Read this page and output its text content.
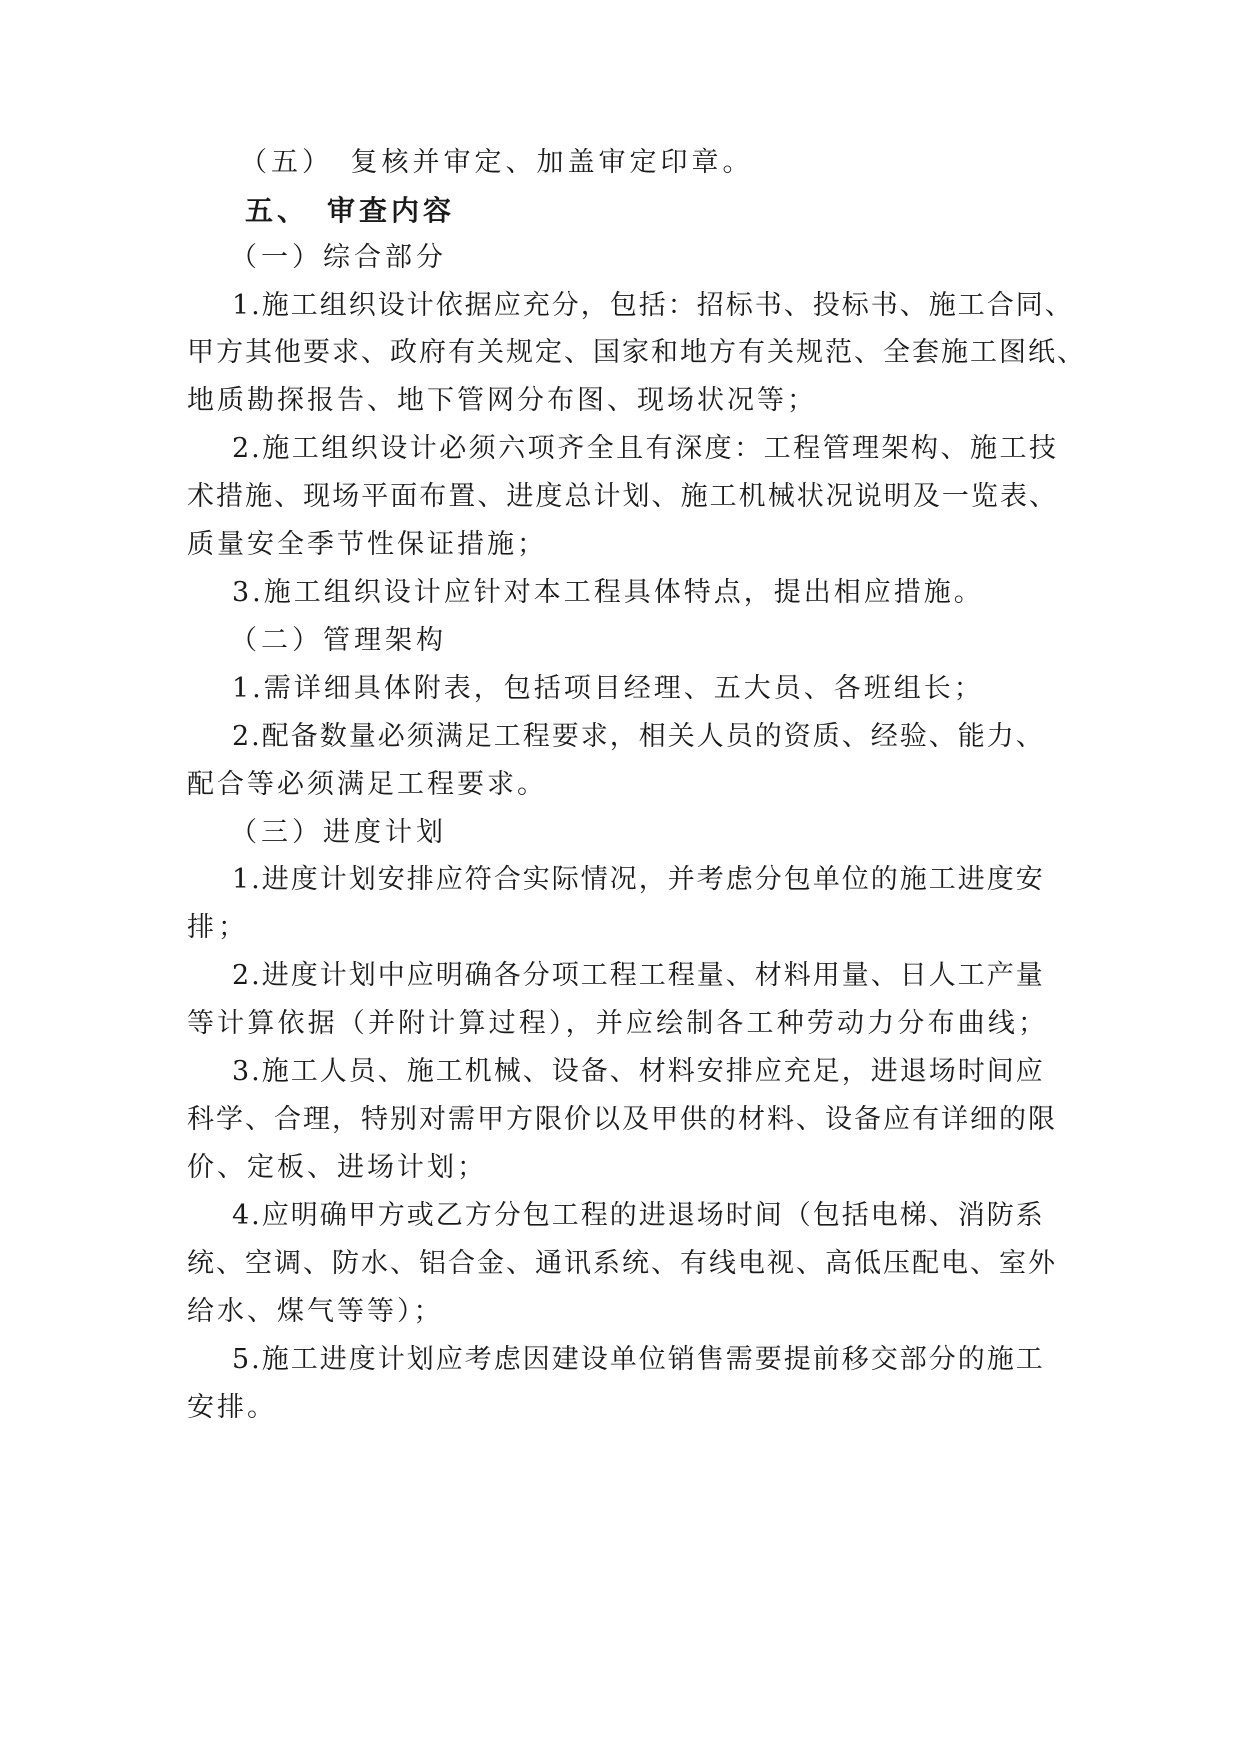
（五）　复核并审定、加盖审定印章。
五、　审查内容
（一）综合部分
1.施工组织设计依据应充分，包括：招标书、投标书、施工合同、
甲方其他要求、政府有关规定、国家和地方有关规范、全套施工图纸、
地质勘探报告、地下管网分布图、现场状况等；
2.施工组织设计必须六项齐全且有深度：工程管理架构、施工技
术措施、现场平面布置、进度总计划、施工机械状况说明及一览表、
质量安全季节性保证措施；
3.施工组织设计应针对本工程具体特点，提出相应措施。
（二）管理架构
1.需详细具体附表，包括项目经理、五大员、各班组长；
2.配备数量必须满足工程要求，相关人员的资质、经验、能力、
配合等必须满足工程要求。
（三）进度计划
1.进度计划安排应符合实际情况，并考虑分包单位的施工进度安
排；
2.进度计划中应明确各分项工程工程量、材料用量、日人工产量
等计算依据（并附计算过程），并应绘制各工种劳动力分布曲线；
3.施工人员、施工机械、设备、材料安排应充足，进退场时间应
科学、合理，特别对需甲方限价以及甲供的材料、设备应有详细的限
价、定板、进场计划；
4.应明确甲方或乙方分包工程的进退场时间（包括电梯、消防系
统、空调、防水、铝合金、通讯系统、有线电视、高低压配电、室外
给水、煤气等等）；
5.施工进度计划应考虑因建设单位销售需要提前移交部分的施工
安排。
